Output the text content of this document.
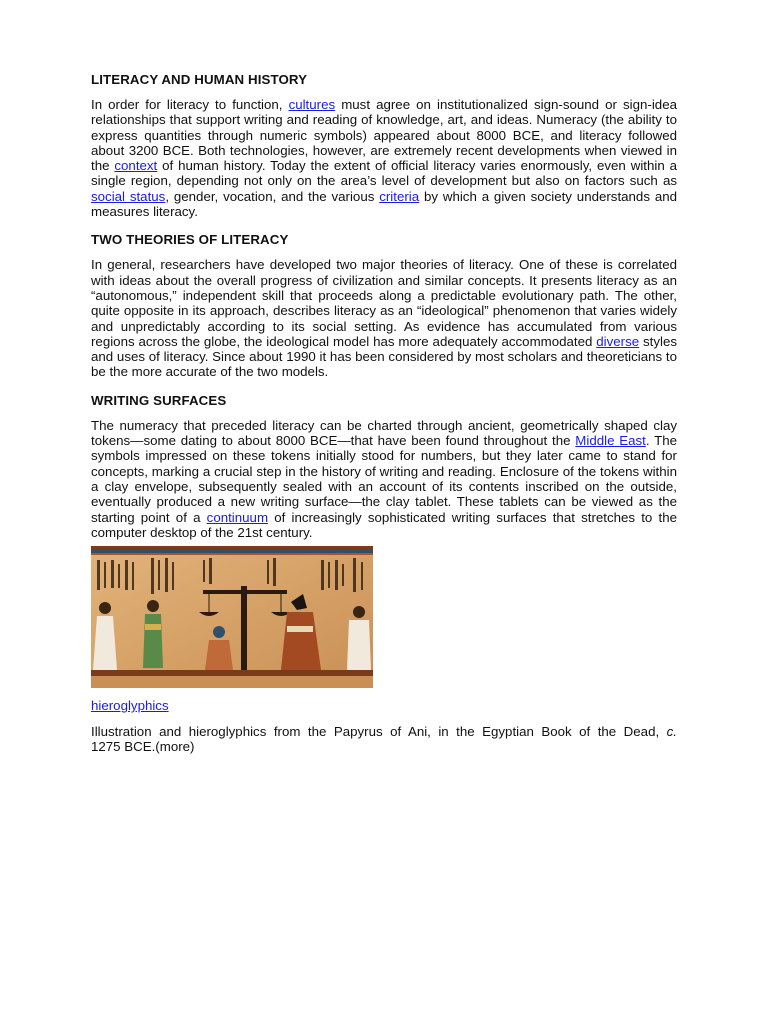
LITERACY AND HUMAN HISTORY

In order for literacy to function, cultures must agree on institutionalized sign-sound or sign-idea relationships that support writing and reading of knowledge, art, and ideas. Numeracy (the ability to express quantities through numeric symbols) appeared about 8000 BCE, and literacy followed about 3200 BCE. Both technologies, however, are extremely recent developments when viewed in the context of human history. Today the extent of official literacy varies enormously, even within a single region, depending not only on the area’s level of development but also on factors such as social status, gender, vocation, and the various criteria by which a given society understands and measures literacy.

TWO THEORIES OF LITERACY

In general, researchers have developed two major theories of literacy. One of these is correlated with ideas about the overall progress of civilization and similar concepts. It presents literacy as an “autonomous,” independent skill that proceeds along a predictable evolutionary path. The other, quite opposite in its approach, describes literacy as an “ideological” phenomenon that varies widely and unpredictably according to its social setting. As evidence has accumulated from various regions across the globe, the ideological model has more adequately accommodated diverse styles and uses of literacy. Since about 1990 it has been considered by most scholars and theoreticians to be the more accurate of the two models.

WRITING SURFACES

The numeracy that preceded literacy can be charted through ancient, geometrically shaped clay tokens—some dating to about 8000 BCE—that have been found throughout the Middle East. The symbols impressed on these tokens initially stood for numbers, but they later came to stand for concepts, marking a crucial step in the history of writing and reading. Enclosure of the tokens within a clay envelope, subsequently sealed with an account of its contents inscribed on the outside, eventually produced a new writing surface—the clay tablet. These tablets can be viewed as the starting point of a continuum of increasingly sophisticated writing surfaces that stretches to the computer desktop of the 21st century.

hieroglyphics

Illustration and hieroglyphics from the Papyrus of Ani, in the Egyptian Book of the Dead, c. 1275 BCE.(more)
